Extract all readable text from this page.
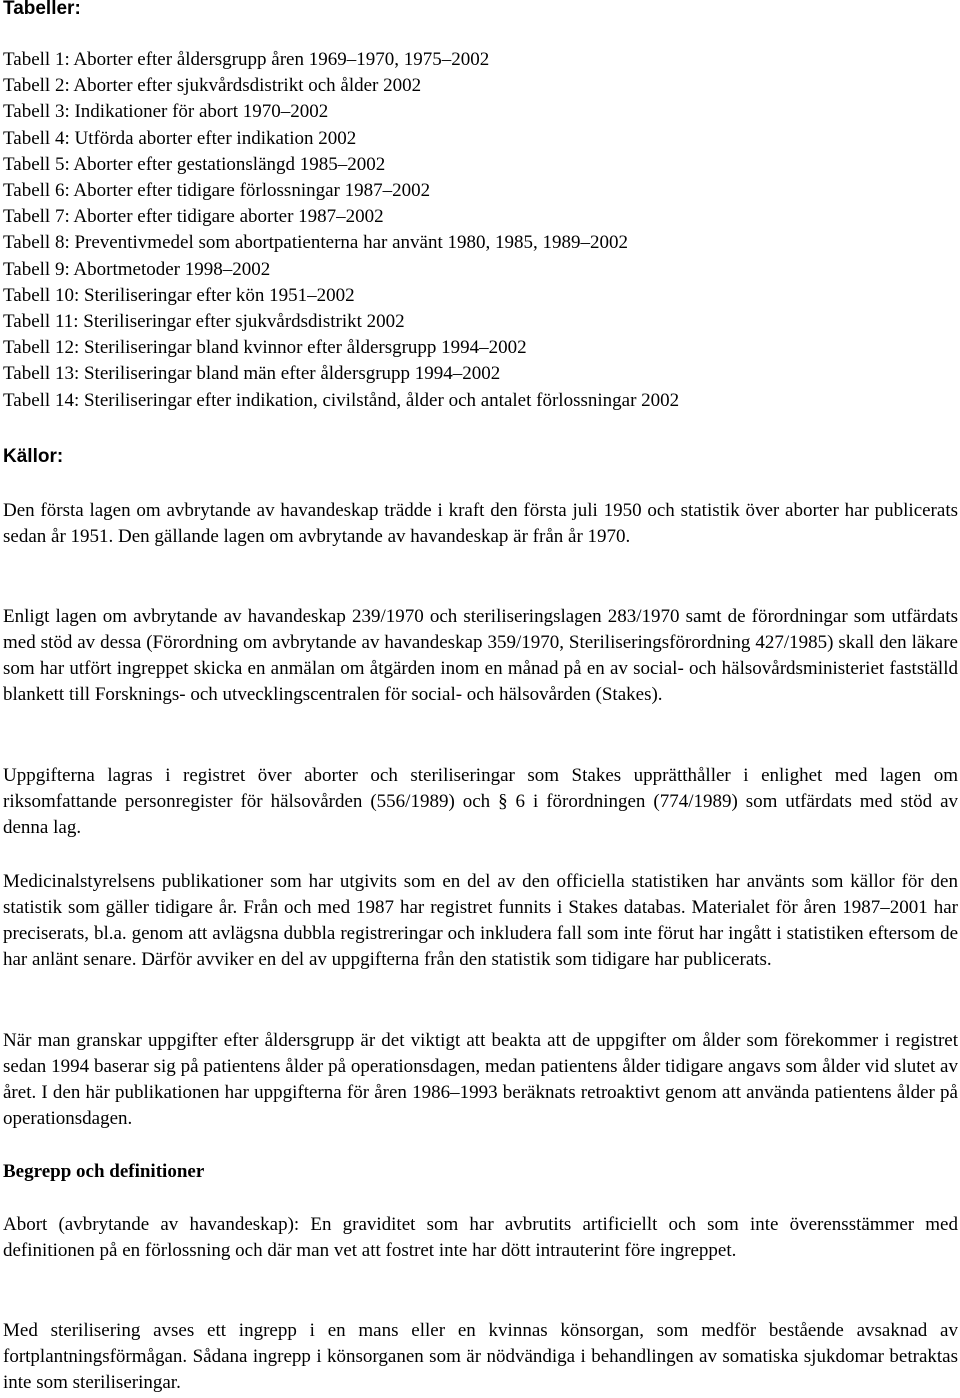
Tabeller:
Tabell 1: Aborter efter åldersgrupp åren 1969–1970, 1975–2002
Tabell 2: Aborter efter sjukvårdsdistrikt och ålder 2002
Tabell 3: Indikationer för abort 1970–2002
Tabell 4: Utförda aborter efter indikation 2002
Tabell 5: Aborter efter gestationslängd 1985–2002
Tabell 6: Aborter efter tidigare förlossningar 1987–2002
Tabell 7: Aborter efter tidigare aborter 1987–2002
Tabell 8: Preventivmedel som abortpatienterna har använt 1980, 1985, 1989–2002
Tabell 9: Abortmetoder 1998–2002
Tabell 10: Steriliseringar efter kön 1951–2002
Tabell 11: Steriliseringar efter sjukvårdsdistrikt 2002
Tabell 12: Steriliseringar bland kvinnor efter åldersgrupp 1994–2002
Tabell 13: Steriliseringar bland män efter åldersgrupp 1994–2002
Tabell 14: Steriliseringar efter indikation, civilstånd, ålder och antalet förlossningar 2002
Källor:

Den första lagen om avbrytande av havandeskap trädde i kraft den första juli 1950 och statistik över aborter har publicerats sedan år 1951. Den gällande lagen om avbrytande av havandeskap är från år 1970.

Enligt lagen om avbrytande av havandeskap 239/1970 och steriliseringslagen 283/1970 samt de förordningar som utfärdats med stöd av dessa (Förordning om avbrytande av havandeskap 359/1970, Steriliseringsförordning 427/1985) skall den läkare som har utfört ingreppet skicka en anmälan om åtgärden inom en månad på en av social- och hälsovårdsministeriet fastställd blankett till Forsknings- och utvecklingscentralen för social- och hälsovården (Stakes).

Uppgifterna lagras i registret över aborter och steriliseringar som Stakes upprätthåller i enlighet med lagen om riksomfattande personregister för hälsovården (556/1989) och § 6 i förordningen (774/1989) som utfärdats med stöd av denna lag.

Medicinalstyrelsens publikationer som har utgivits som en del av den officiella statistiken har använts som källor för den statistik som gäller tidigare år. Från och med 1987 har registret funnits i Stakes databas. Materialet för åren 1987–2001 har preciserats, bl.a. genom att avlägsna dubbla registreringar och inkludera fall som inte förut har ingått i statistiken eftersom de har anlänt senare. Därför avviker en del av uppgifterna från den statistik som tidigare har publicerats.

När man granskar uppgifter efter åldersgrupp är det viktigt att beakta att de uppgifter om ålder som förekommer i registret sedan 1994 baserar sig på patientens ålder på operationsdagen, medan patientens ålder tidigare angavs som ålder vid slutet av året. I den här publikationen har uppgifterna för åren 1986–1993 beräknats retroaktivt genom att använda patientens ålder på operationsdagen.

Begrepp och definitioner

Abort (avbrytande av havandeskap): En graviditet som har avbrutits artificiellt och som inte överensstämmer med definitionen på en förlossning och där man vet att fostret inte har dött intrauterint före ingreppet.

Med sterilisering avses ett ingrepp i en mans eller en kvinnas könsorgan, som medför bestående avsaknad av fortplantningsförmågan. Sådana ingrepp i könsorganen som är nödvändiga i behandlingen av somatiska sjukdomar betraktas inte som steriliseringar.
